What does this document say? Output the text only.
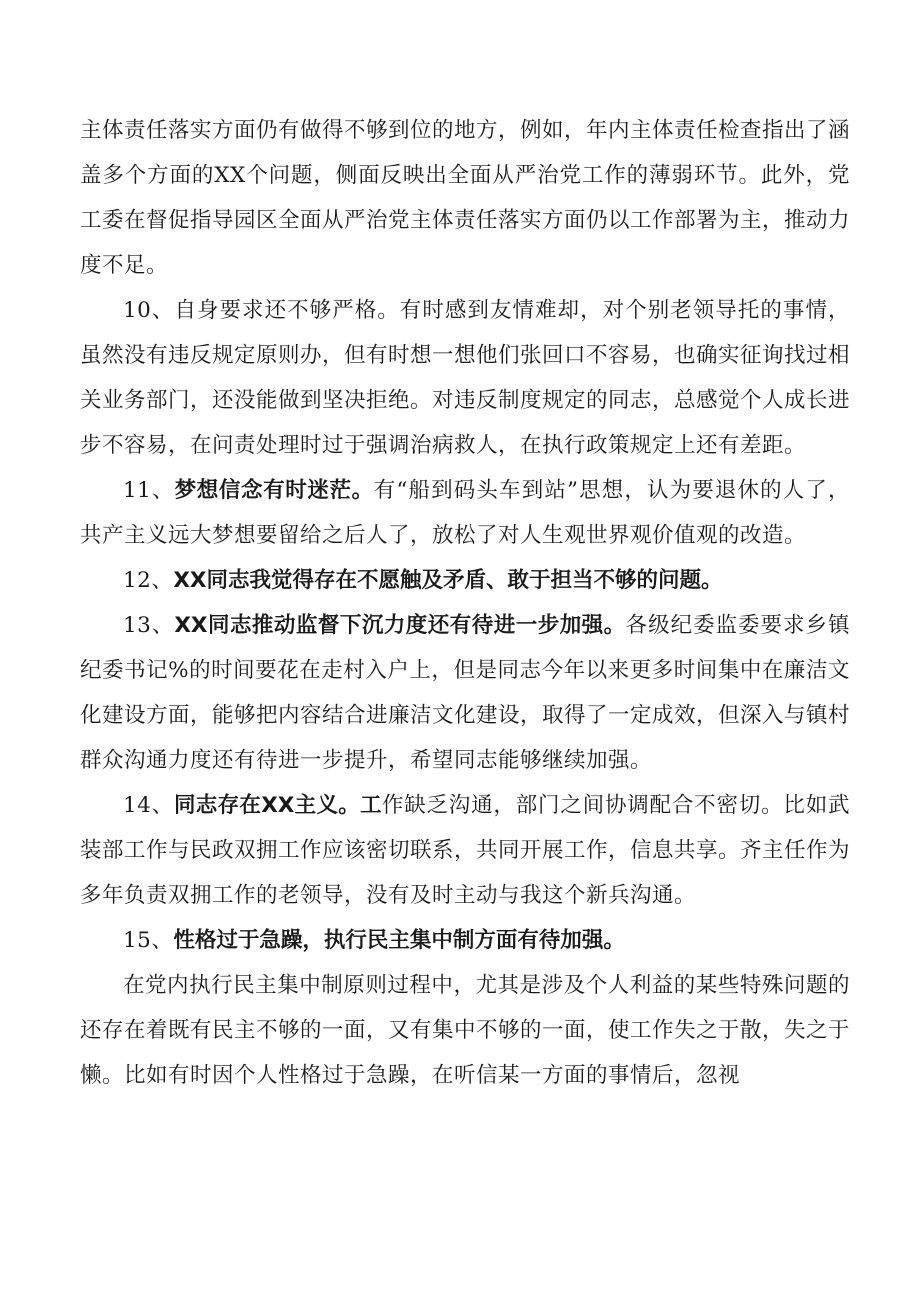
主体责任落实方面仍有做得不够到位的地方，例如，年内主体责任检查指出了涵盖多个方面的XX个问题，侧面反映出全面从严治党工作的薄弱环节。此外，党工委在督促指导园区全面从严治党主体责任落实方面仍以工作部署为主，推动力度不足。

10、自身要求还不够严格。有时感到友情难却，对个别老领导托的事情，虽然没有违反规定原则办，但有时想一想他们张回口不容易，也确实征询找过相关业务部门，还没能做到坚决拒绝。对违反制度规定的同志，总感觉个人成长进步不容易，在问责处理时过于强调治病救人，在执行政策规定上还有差距。

11、梦想信念有时迷茫。有“船到码头车到站”思想，认为要退休的人了，共产主义远大梦想要留给之后人了，放松了对人生观世界观价值观的改造。

12、XX同志我觉得存在不愿触及矛盾、敢于担当不够的问题。

13、XX同志推动监督下沉力度还有待进一步加强。各级纪委监委要求乡镇纪委书记%的时间要花在走村入户上，但是同志今年以来更多时间集中在廉洁文化建设方面，能够把内容结合进廉洁文化建设，取得了一定成效，但深入与镇村群众沟通力度还有待进一步提升，希望同志能够继续加强。

14、同志存在XX主义。工作缺乏沟通，部门之间协调配合不密切。比如武装部工作与民政双拥工作应该密切联系，共同开展工作，信息共享。齐主任作为多年负责双拥工作的老领导，没有及时主动与我这个新兵沟通。

15、性格过于急躁，执行民主集中制方面有待加强。

在党内执行民主集中制原则过程中，尤其是涉及个人利益的某些特殊问题的还存在着既有民主不够的一面，又有集中不够的一面，使工作失之于散，失之于懒。比如有时因个人性格过于急躁，在听信某一方面的事情后，忽视
